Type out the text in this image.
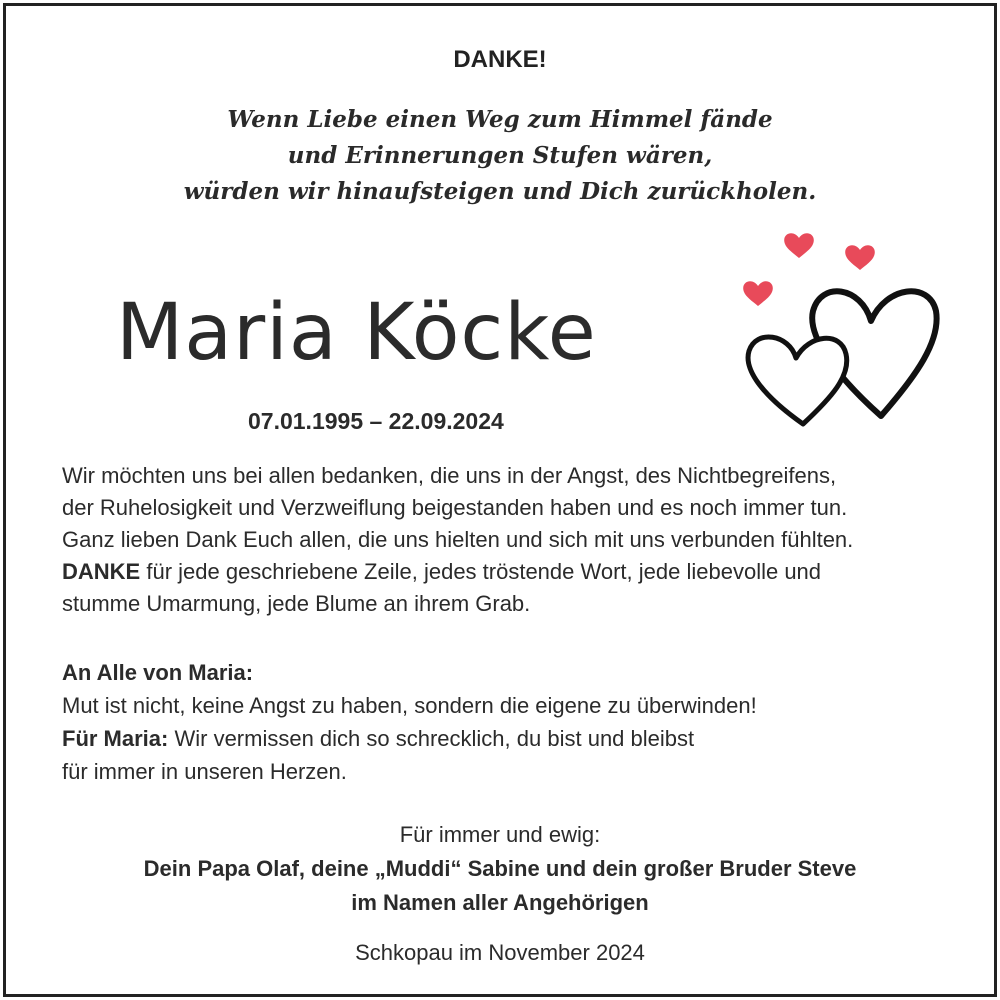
DANKE!
Wenn Liebe einen Weg zum Himmel fände
und Erinnerungen Stufen wären,
würden wir hinaufsteigen und Dich zurückholen.
Maria Köcke
07.01.1995 – 22.09.2024
Wir möchten uns bei allen bedanken, die uns in der Angst, des Nichtbegreifens,
der Ruhelosigkeit und Verzweiflung beigestanden haben und es noch immer tun.
Ganz lieben Dank Euch allen, die uns hielten und sich mit uns verbunden fühlten.
DANKE für jede geschriebene Zeile, jedes tröstende Wort, jede liebevolle und
stumme Umarmung, jede Blume an ihrem Grab.
An Alle von Maria:
Mut ist nicht, keine Angst zu haben, sondern die eigene zu überwinden!
Für Maria: Wir vermissen dich so schrecklich, du bist und bleibst
für immer in unseren Herzen.
Für immer und ewig:
Dein Papa Olaf, deine „Muddi“ Sabine und dein großer Bruder Steve
im Namen aller Angehörigen
Schkopau im November 2024
